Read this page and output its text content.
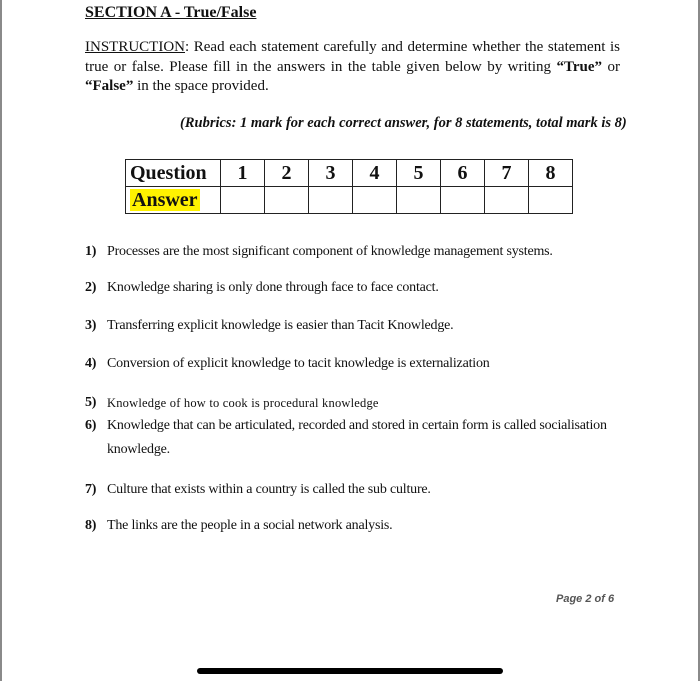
SECTION A - True/False
INSTRUCTION: Read each statement carefully and determine whether the statement is true or false. Please fill in the answers in the table given below by writing “True” or “False” in the space provided.
(Rubrics: 1 mark for each correct answer, for 8 statements, total mark is 8)
Question	1	2	3	4	5	6	7	8
Answer								
1) Processes are the most significant component of knowledge management systems.
2) Knowledge sharing is only done through face to face contact.
3) Transferring explicit knowledge is easier than Tacit Knowledge.
4) Conversion of explicit knowledge to tacit knowledge is externalization
5) Knowledge of how to cook is procedural knowledge
6) Knowledge that can be articulated, recorded and stored in certain form is called socialisation knowledge.
7) Culture that exists within a country is called the sub culture.
8) The links are the people in a social network analysis.
Page 2 of 6
